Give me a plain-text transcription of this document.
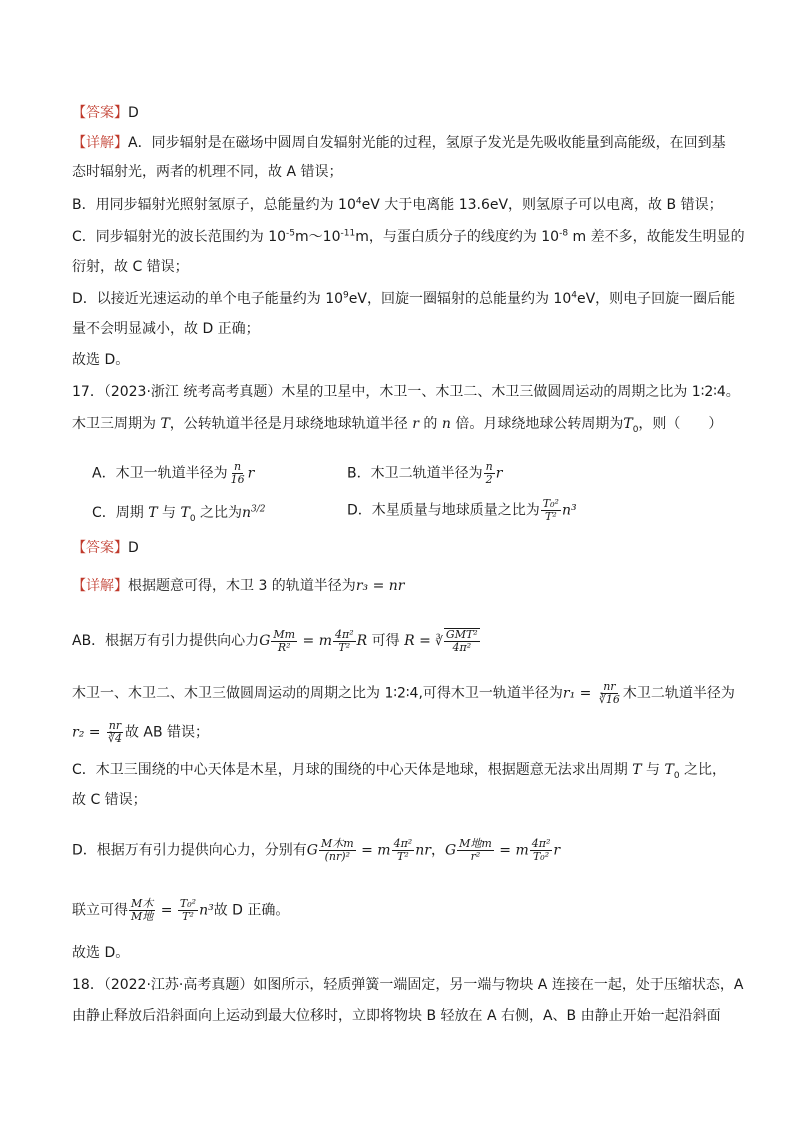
【答案】D
【详解】A．同步辐射是在磁场中圆周自发辐射光能的过程，氢原子发光是先吸收能量到高能级，在回到基
态时辐射光，两者的机理不同，故 A 错误；
B．用同步辐射光照射氢原子，总能量约为 $10^4eV$ 大于电离能 13.6eV，则氢原子可以电离，故 B 错误；
C．同步辐射光的波长范围约为 $10^{-5}m\sim 10^{-11}m$，与蛋白质分子的线度约为 $10^{-8}$ m 差不多，故能发生明显的
衍射，故 C 错误；
D．以接近光速运动的单个电子能量约为 $10^9eV$，回旋一圈辐射的总能量约为 $10^4eV$，则电子回旋一圈后能
量不会明显减小，故 D 正确；
故选 D。
17．（2023·浙江 统考高考真题）木星的卫星中，木卫一、木卫二、木卫三做圆周运动的周期之比为 1∶2∶4。
木卫三周期为 T，公转轨道半径是月球绕地球轨道半径 r 的 n 倍。月球绕地球公转周期为$T_0$，则（　　）
A．木卫一轨道半径为 $\frac{n}{16}$ r	B．木卫二轨道半径为 $\frac{n}{2}$ r
C．周期 T 与 $T_0$ 之比为$n^{3/2}$	D．木星质量与地球质量之比为 $\frac{\text{T₀²}}{\text{T²}} n^3$
【答案】D
【详解】根据题意可得，木卫 3 的轨道半径为r₃ = nr
AB．根据万有引力提供向心力G $\frac{Mm}{\text{R²}} = m \frac{\text{4π²}}{\text{T²}}$ R 可得 R = ∛ $\frac{\text{GMT²}}{\text{4π²}}$
木卫一、木卫二、木卫三做圆周运动的周期之比为 1∶2∶4,可得木卫一轨道半径为$r_1 = \frac{nr}{∛16}$ 木卫二轨道半径为
$r_2 = \frac{nr}{∛4}$ 故 AB 错误；
C．木卫三围绕的中心天体是木星，月球的围绕的中心天体是地球，根据题意无法求出周期 T 与 $T_0$ 之比，
故 C 错误；
D．根据万有引力提供向心力，分别有G $\frac{\text{M木m}}{\text{(nr)²}} = m \frac{\text{4π²}}{\text{T²}}$ nr，G $\frac{\text{M地m}}{\text{r²}} = m \frac{\text{4π²}}{\text{T₀²}}$ r
联立可得 $\frac{\text{M木}}{\text{M地}} = \frac{\text{T₀²}}{\text{T²}} n^3$故 D 正确。
故选 D。
18．（2022·江苏·高考真题）如图所示，轻质弹簧一端固定，另一端与物块 A 连接在一起，处于压缩状态，A
由静止释放后沿斜面向上运动到最大位移时，立即将物块 B 轻放在 A 右侧，A、B 由静止开始一起沿斜面
